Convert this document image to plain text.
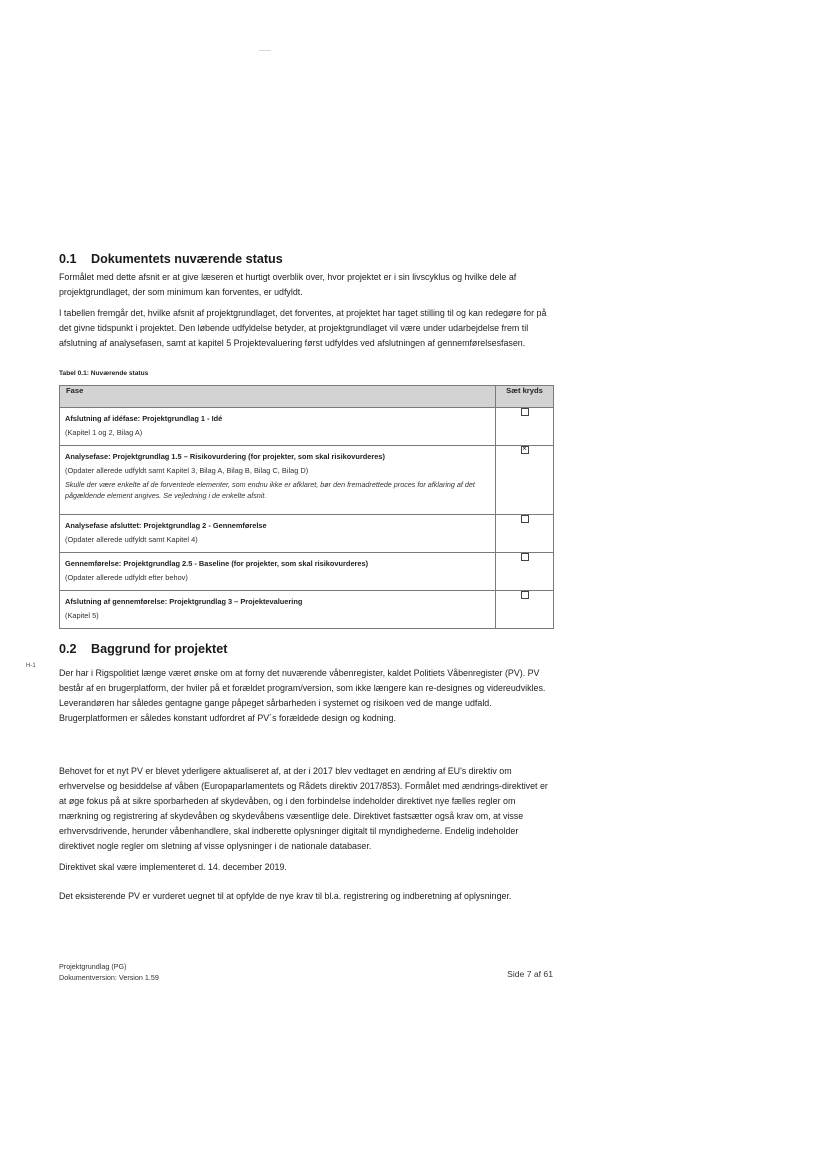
0.1 Dokumentets nuværende status

Formålet med dette afsnit er at give læseren et hurtigt overblik over, hvor projektet er i sin livscyklus og hvilke dele af projektgrundlaget, der som minimum kan forventes, er udfyldt.

I tabellen fremgår det, hvilke afsnit af projektgrundlaget, det forventes, at projektet har taget stilling til og kan redegøre for på det givne tidspunkt i projektet. Den løbende udfyldelse betyder, at projektgrundlaget vil være under udarbejdelse frem til afslutning af analysefasen, samt at kapitel 5 Projektevaluering først udfyldes ved afslutningen af gennemførelsesfasen.

Tabel 0.1: Nuværende status

Fase	Sæt kryds

Afslutning af idéfase: Projektgrundlag 1 - Idé
(Kapitel 1 og 2, Bilag A)	

Analysefase: Projektgrundlag 1.5 – Risikovurdering (for projekter, som skal risikovurderes)
(Opdater allerede udfyldt samt Kapitel 3, Bilag A, Bilag B, Bilag C, Bilag D)
Skulle der være enkelte af de forventede elementer, som endnu ikke er afklaret, bør den fremadrettede proces for afklaring af det pågældende element angives. Se vejledning i de enkelte afsnit.	×

Analysefase afsluttet: Projektgrundlag 2 - Gennemførelse
(Opdater allerede udfyldt samt Kapitel 4)	

Gennemførelse: Projektgrundlag 2.5 - Baseline (for projekter, som skal risikovurderes)
(Opdater allerede udfyldt efter behov)	

Afslutning af gennemførelse: Projektgrundlag 3 – Projektevaluering
(Kapitel 5)	

0.2 Baggrund for projektet
H-1

Der har i Rigspolitiet længe været ønske om at forny det nuværende våbenregister, kaldet Politiets Våbenregister (PV). PV består af en brugerplatform, der hviler på et forældet program/version, som ikke længere kan re-designes og videreudvikles. Leverandøren har således gentagne gange påpeget sårbarheden i systemet og risikoen ved de mange udfald. Brugerplatformen er således konstant udfordret af PV´s forældede design og kodning.

Behovet for et nyt PV er blevet yderligere aktualiseret af, at der i 2017 blev vedtaget en ændring af EU's direktiv om erhvervelse og besiddelse af våben (Europaparlamentets og Rådets direktiv 2017/853). Formålet med ændrings-direktivet er at øge fokus på at sikre sporbarheden af skydevåben, og i den forbindelse indeholder direktivet nye fælles regler om mærkning og registrering af skydevåben og skydevåbens væsentlige dele. Direktivet fastsætter også krav om, at visse erhvervsdrivende, herunder våbenhandlere, skal indberette oplysninger digitalt til myndighederne. Endelig indeholder direktivet nogle regler om sletning af visse oplysninger i de nationale databaser.

Direktivet skal være implementeret d. 14. december 2019.

Det eksisterende PV er vurderet uegnet til at opfylde de nye krav til bl.a. registrering og indberetning af oplysninger.

Projektgrundlag (PG)
Dokumentversion: Version 1.59	Side 7 af 61
